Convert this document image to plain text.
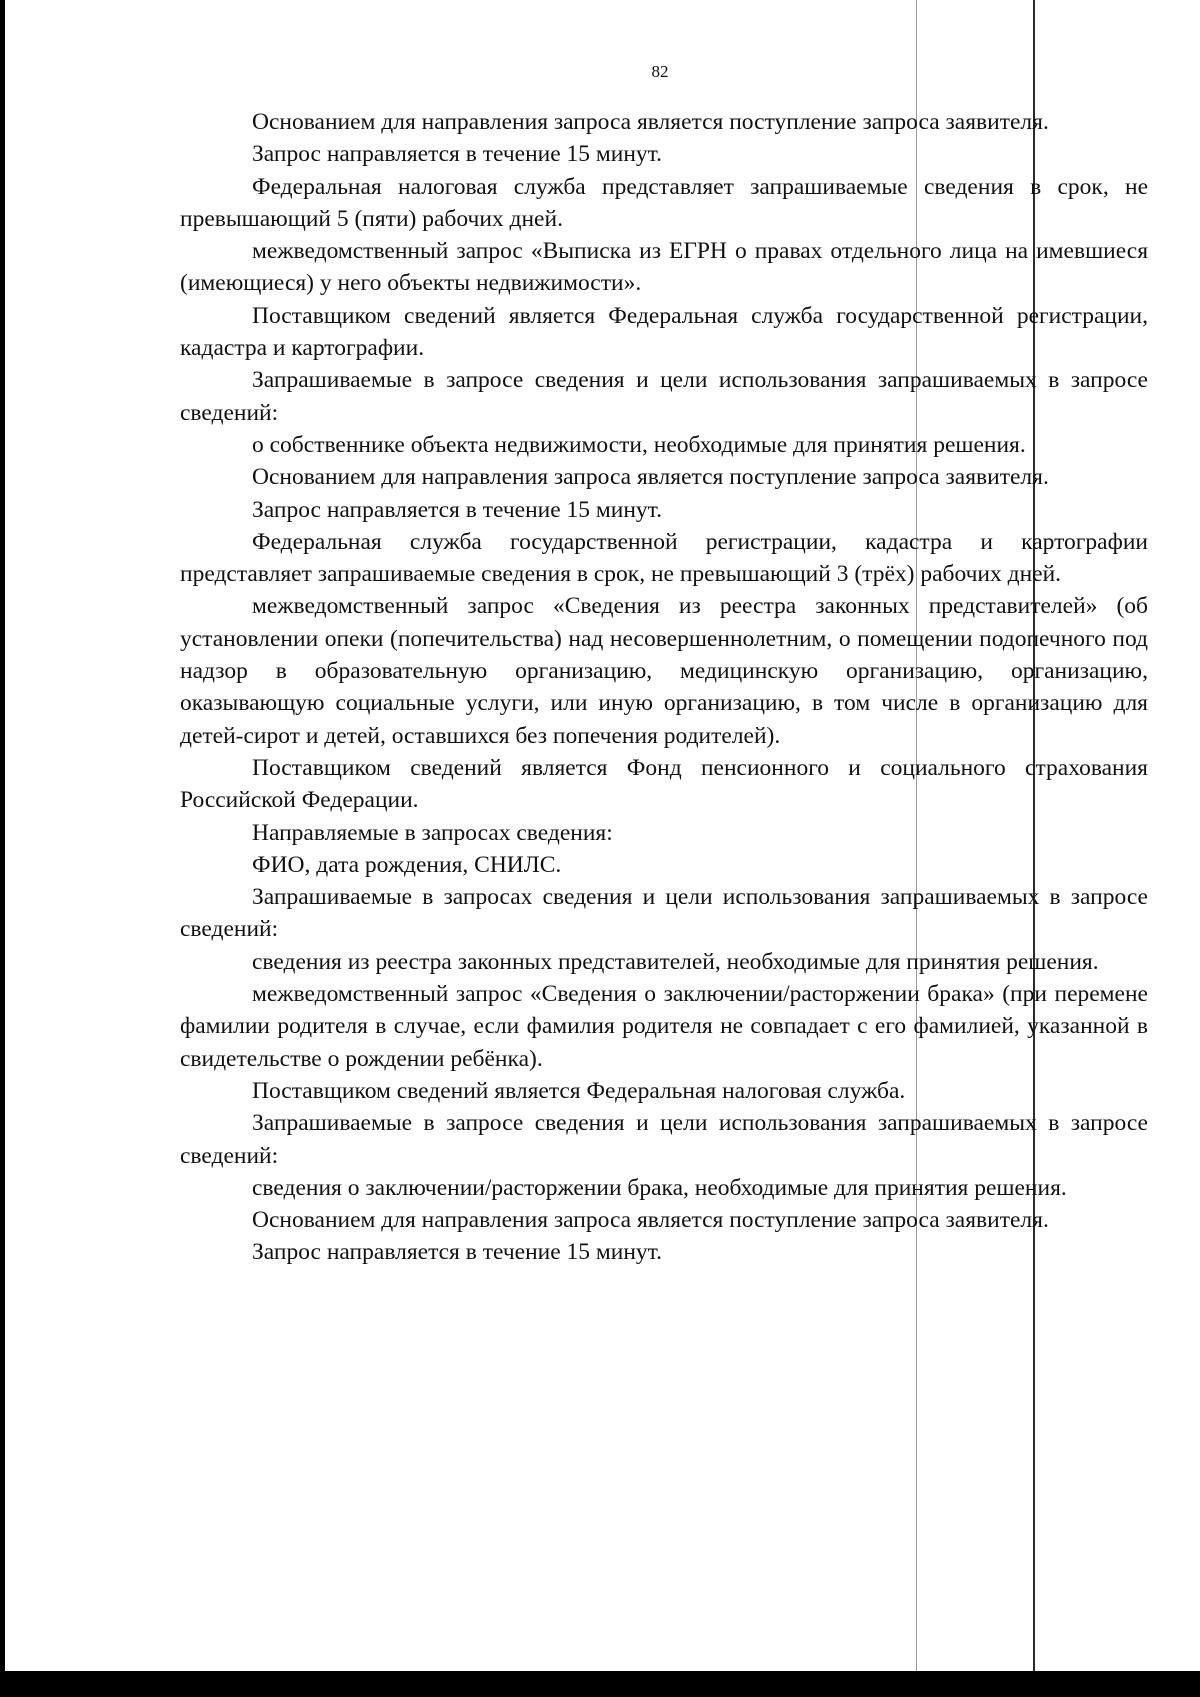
82

Основанием для направления запроса является поступление запроса заявителя.

Запрос направляется в течение 15 минут.

Федеральная налоговая служба представляет запрашиваемые сведения в срок, не превышающий 5 (пяти) рабочих дней.

межведомственный запрос «Выписка из ЕГРН о правах отдельного лица на имевшиеся (имеющиеся) у него объекты недвижимости».

Поставщиком сведений является Федеральная служба государственной регистрации, кадастра и картографии.

Запрашиваемые в запросе сведения и цели использования запрашиваемых в запросе сведений:

о собственнике объекта недвижимости, необходимые для принятия решения.

Основанием для направления запроса является поступление запроса заявителя.

Запрос направляется в течение 15 минут.

Федеральная служба государственной регистрации, кадастра и картографии представляет запрашиваемые сведения в срок, не превышающий 3 (трёх) рабочих дней.

межведомственный запрос «Сведения из реестра законных представителей» (об установлении опеки (попечительства) над несовершеннолетним, о помещении подопечного под надзор в образовательную организацию, медицинскую организацию, организацию, оказывающую социальные услуги, или иную организацию, в том числе в организацию для детей-сирот и детей, оставшихся без попечения родителей).

Поставщиком сведений является Фонд пенсионного и социального страхования Российской Федерации.

Направляемые в запросах сведения:

ФИО, дата рождения, СНИЛС.

Запрашиваемые в запросах сведения и цели использования запрашиваемых в запросе сведений:

сведения из реестра законных представителей, необходимые для принятия решения.

межведомственный запрос «Сведения о заключении/расторжении брака» (при перемене фамилии родителя в случае, если фамилия родителя не совпадает с его фамилией, указанной в свидетельстве о рождении ребёнка).

Поставщиком сведений является Федеральная налоговая служба.

Запрашиваемые в запросе сведения и цели использования запрашиваемых в запросе сведений:

сведения о заключении/расторжении брака, необходимые для принятия решения.

Основанием для направления запроса является поступление запроса заявителя.

Запрос направляется в течение 15 минут.
